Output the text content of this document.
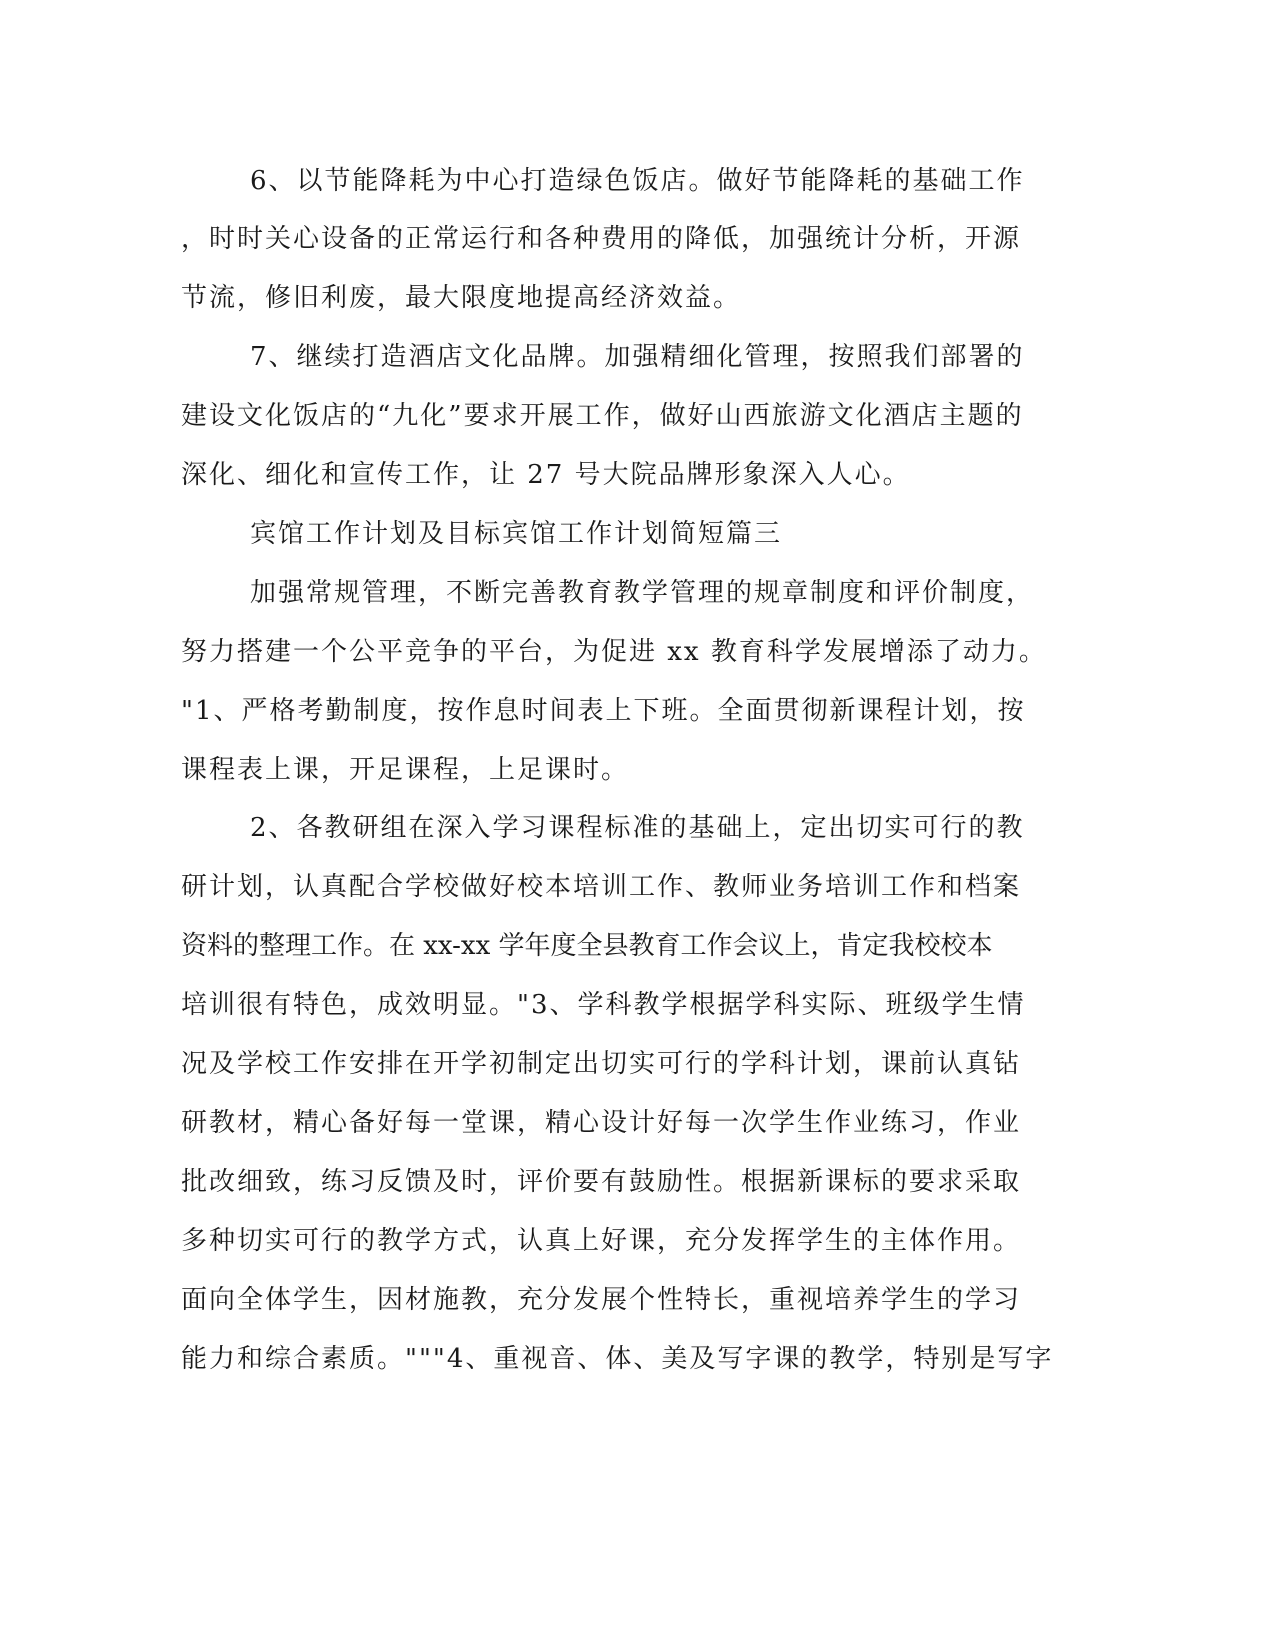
6、以节能降耗为中心打造绿色饭店。做好节能降耗的基础工作
，时时关心设备的正常运行和各种费用的降低，加强统计分析，开源
节流，修旧利废，最大限度地提高经济效益。
7、继续打造酒店文化品牌。加强精细化管理，按照我们部署的
建设文化饭店的“九化”要求开展工作，做好山西旅游文化酒店主题的
深化、细化和宣传工作，让 27 号大院品牌形象深入人心。
宾馆工作计划及目标宾馆工作计划简短篇三
加强常规管理，不断完善教育教学管理的规章制度和评价制度，
努力搭建一个公平竞争的平台，为促进 xx 教育科学发展增添了动力。
"1、严格考勤制度，按作息时间表上下班。全面贯彻新课程计划，按
课程表上课，开足课程，上足课时。
2、各教研组在深入学习课程标准的基础上，定出切实可行的教
研计划，认真配合学校做好校本培训工作、教师业务培训工作和档案
资料的整理工作。在 xx-xx 学年度全县教育工作会议上，肯定我校校本
培训很有特色，成效明显。"3、学科教学根据学科实际、班级学生情
况及学校工作安排在开学初制定出切实可行的学科计划，课前认真钻
研教材，精心备好每一堂课，精心设计好每一次学生作业练习，作业
批改细致，练习反馈及时，评价要有鼓励性。根据新课标的要求采取
多种切实可行的教学方式，认真上好课，充分发挥学生的主体作用。
面向全体学生，因材施教，充分发展个性特长，重视培养学生的学习
能力和综合素质。"""4、重视音、体、美及写字课的教学，特别是写字
